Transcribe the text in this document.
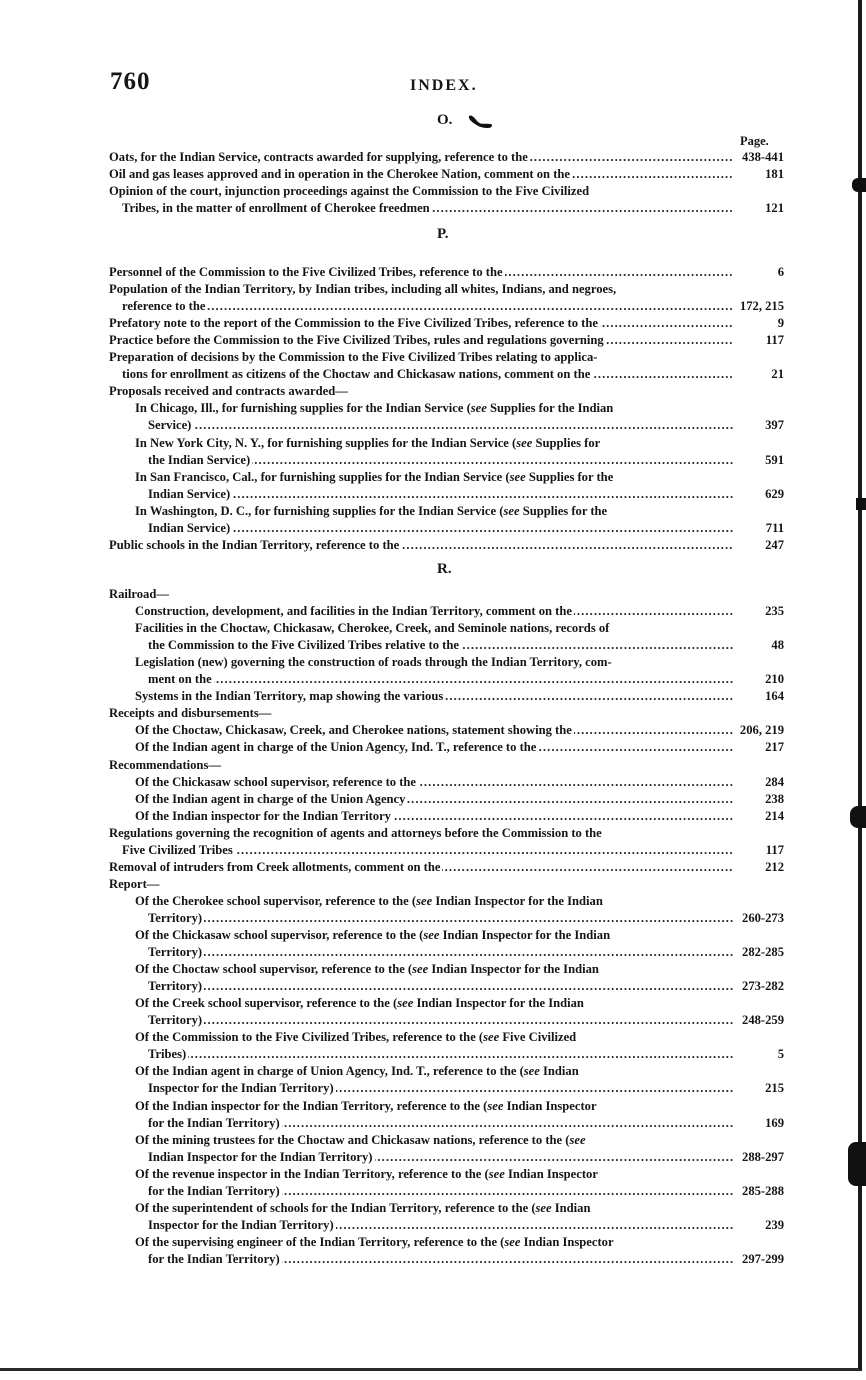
760	INDEX.
Page.
O.
Oats, for the Indian Service, contracts awarded for supplying, reference to the .....	438-441
Oil and gas leases approved and in operation in the Cherokee Nation, comment on the .....	181
Opinion of the court, injunction proceedings against the Commission to the Five Civilized
Tribes, in the matter of enrollment of Cherokee freedmen .....	121
P.
Personnel of the Commission to the Five Civilized Tribes, reference to the .....	6
Population of the Indian Territory, by Indian tribes, including all whites, Indians, and negroes,
reference to the .....	172, 215
Prefatory note to the report of the Commission to the Five Civilized Tribes, reference to the .....	9
Practice before the Commission to the Five Civilized Tribes, rules and regulations governing .....	117
Preparation of decisions by the Commission to the Five Civilized Tribes relating to applica-
tions for enrollment as citizens of the Choctaw and Chickasaw nations, comment on the .....	21
Proposals received and contracts awarded—
In Chicago, Ill., for furnishing supplies for the Indian Service (see Supplies for the Indian
Service) .....	397
In New York City, N. Y., for furnishing supplies for the Indian Service (see Supplies for
the Indian Service) .....	591
In San Francisco, Cal., for furnishing supplies for the Indian Service (see Supplies for the
Indian Service) .....	629
In Washington, D. C., for furnishing supplies for the Indian Service (see Supplies for the
Indian Service) .....	711
Public schools in the Indian Territory, reference to the .....	247
R.
Railroad—
Construction, development, and facilities in the Indian Territory, comment on the .....	235
Facilities in the Choctaw, Chickasaw, Cherokee, Creek, and Seminole nations, records of
the Commission to the Five Civilized Tribes relative to the .....	48
Legislation (new) governing the construction of roads through the Indian Territory, com-
ment on the .....	210
Systems in the Indian Territory, map showing the various .....	164
Receipts and disbursements—
Of the Choctaw, Chickasaw, Creek, and Cherokee nations, statement showing the .....	206, 219
Of the Indian agent in charge of the Union Agency, Ind. T., reference to the .....	217
Recommendations—
Of the Chickasaw school supervisor, reference to the .....	284
Of the Indian agent in charge of the Union Agency .....	238
Of the Indian inspector for the Indian Territory .....	214
Regulations governing the recognition of agents and attorneys before the Commission to the
Five Civilized Tribes .....	117
Removal of intruders from Creek allotments, comment on the .....	212
Report—
Of the Cherokee school supervisor, reference to the (see Indian Inspector for the Indian
Territory) .....	260-273
Of the Chickasaw school supervisor, reference to the (see Indian Inspector for the Indian
Territory) .....	282-285
Of the Choctaw school supervisor, reference to the (see Indian Inspector for the Indian
Territory) .....	273-282
Of the Creek school supervisor, reference to the (see Indian Inspector for the Indian
Territory) .....	248-259
Of the Commission to the Five Civilized Tribes, reference to the (see Five Civilized
Tribes) .....	5
Of the Indian agent in charge of Union Agency, Ind. T., reference to the (see Indian
Inspector for the Indian Territory) .....	215
Of the Indian inspector for the Indian Territory, reference to the (see Indian Inspector
for the Indian Territory) .....	169
Of the mining trustees for the Choctaw and Chickasaw nations, reference to the (see
Indian Inspector for the Indian Territory) .....	288-297
Of the revenue inspector in the Indian Territory, reference to the (see Indian Inspector
for the Indian Territory) .....	285-288
Of the superintendent of schools for the Indian Territory, reference to the (see Indian
Inspector for the Indian Territory) .....	239
Of the supervising engineer of the Indian Territory, reference to the (see Indian Inspector
for the Indian Territory) .....	297-299
